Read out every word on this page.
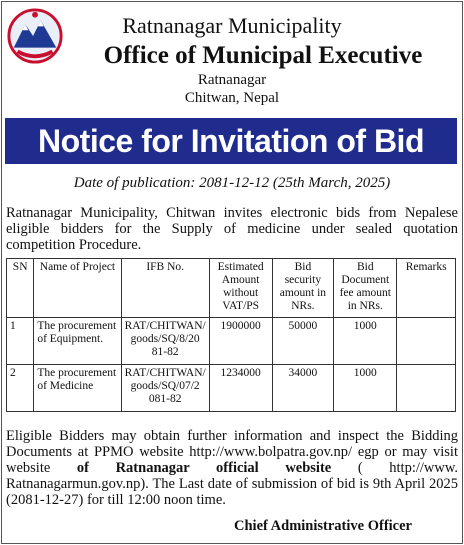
Ratnanagar Municipality
Office of Municipal Executive
Ratnanagar
Chitwan, Nepal
Notice for Invitation of Bid
Date of publication: 2081-12-12 (25th March, 2025)
Ratnanagar Municipality, Chitwan invites electronic bids from Nepalese eligible bidders for the Supply of medicine under sealed quotation competition Procedure.
SN	Name of Project	IFB No.	Estimated Amount without VAT/PS	Bid security amount in NRs.	Bid Document fee amount in NRs.	Remarks
1	The procurement of Equipment.	RAT/CHITWAN/ goods/SQ/8/20 81-82	1900000	50000	1000	
2	The procurement of Medicine	RAT/CHITWAN/ goods/SQ/07/2 081-82	1234000	34000	1000	
Eligible Bidders may obtain further information and inspect the Bidding Documents at PPMO website http://www.bolpatra.gov.np/ egp or may visit website of Ratnanagar official website ( http://www. Ratnanagarmun.gov.np). The Last date of submission of bid is 9th April 2025 (2081-12-27) for till 12:00 noon time.
Chief Administrative Officer
